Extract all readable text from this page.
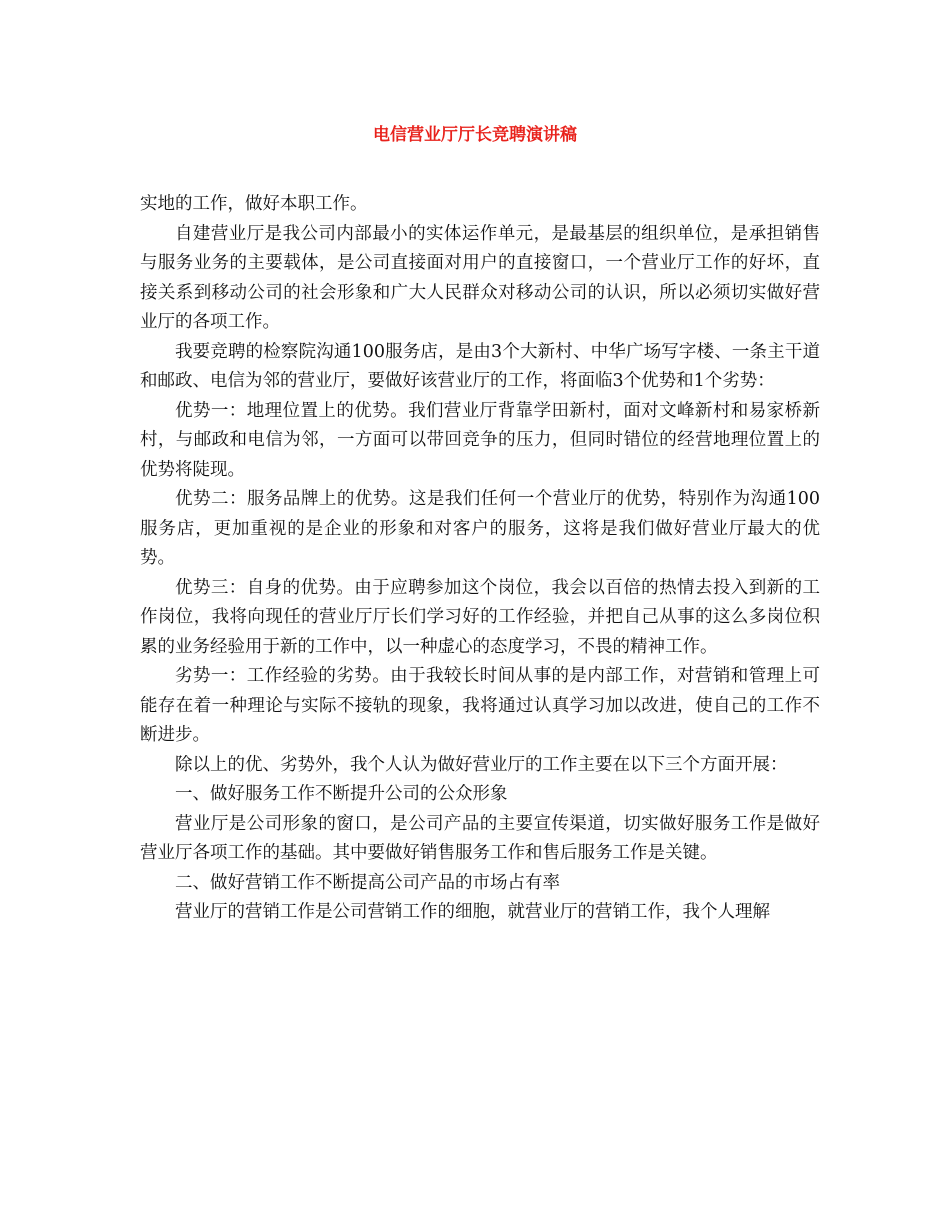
电信营业厅厅长竞聘演讲稿

实地的工作，做好本职工作。

自建营业厅是我公司内部最小的实体运作单元，是最基层的组织单位，是承担销售与服务业务的主要载体，是公司直接面对用户的直接窗口，一个营业厅工作的好坏，直接关系到移动公司的社会形象和广大人民群众对移动公司的认识，所以必须切实做好营业厅的各项工作。

我要竞聘的检察院沟通100服务店，是由3个大新村、中华广场写字楼、一条主干道和邮政、电信为邻的营业厅，要做好该营业厅的工作，将面临3个优势和1个劣势：

优势一：地理位置上的优势。我们营业厅背靠学田新村，面对文峰新村和易家桥新村，与邮政和电信为邻，一方面可以带回竞争的压力，但同时错位的经营地理位置上的优势将陡现。

优势二：服务品牌上的优势。这是我们任何一个营业厅的优势，特别作为沟通100服务店，更加重视的是企业的形象和对客户的服务，这将是我们做好营业厅最大的优势。

优势三：自身的优势。由于应聘参加这个岗位，我会以百倍的热情去投入到新的工作岗位，我将向现任的营业厅厅长们学习好的工作经验，并把自己从事的这么多岗位积累的业务经验用于新的工作中，以一种虚心的态度学习，不畏的精神工作。

劣势一：工作经验的劣势。由于我较长时间从事的是内部工作，对营销和管理上可能存在着一种理论与实际不接轨的现象，我将通过认真学习加以改进，使自己的工作不断进步。

除以上的优、劣势外，我个人认为做好营业厅的工作主要在以下三个方面开展：

一、做好服务工作不断提升公司的公众形象

营业厅是公司形象的窗口，是公司产品的主要宣传渠道，切实做好服务工作是做好营业厅各项工作的基础。其中要做好销售服务工作和售后服务工作是关键。

二、做好营销工作不断提高公司产品的市场占有率

营业厅的营销工作是公司营销工作的细胞，就营业厅的营销工作，我个人理解
